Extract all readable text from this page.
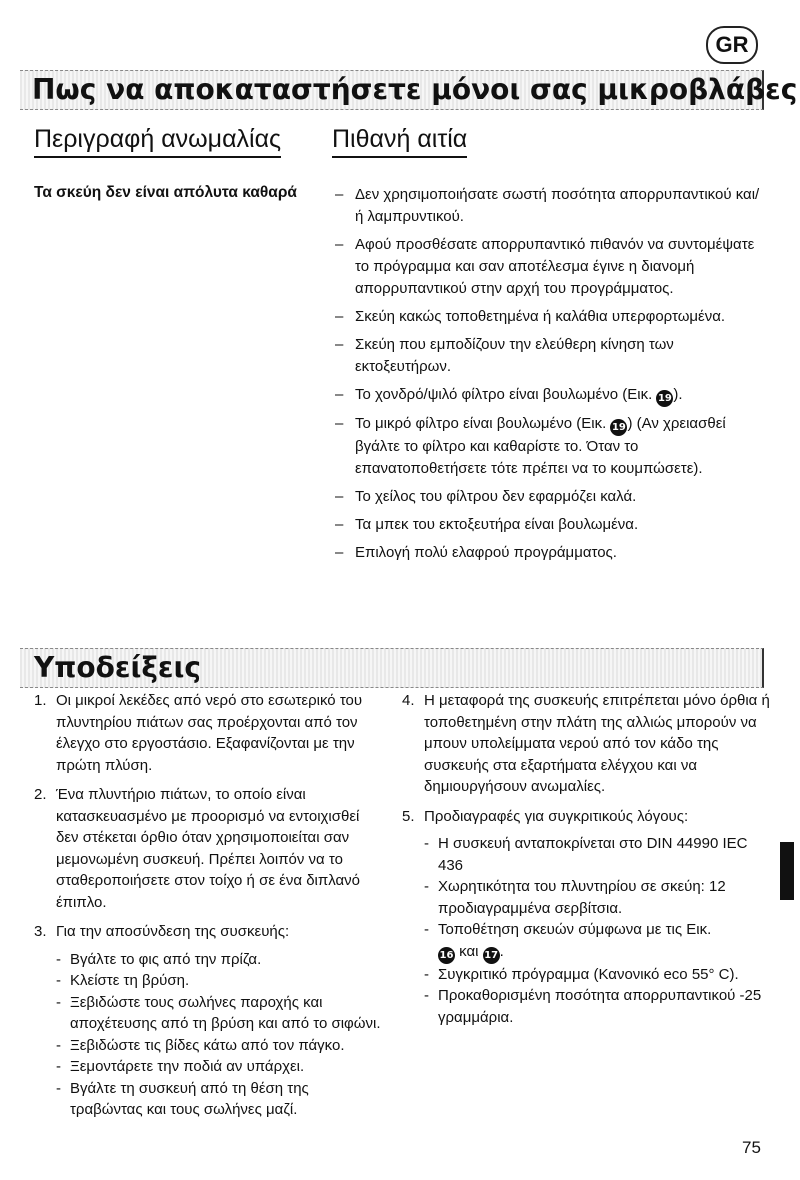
GR
Πως να αποκαταστήσετε μόνοι σας μικροβλάβες
Περιγραφή ανωμαλίας Πιθανή αιτία
Τα σκεύη δεν είναι απόλυτα καθαρά	– Δεν χρησιμοποιήσατε σωστή ποσότητα απορρυπαντικού και/ή λαμπρυντικού.
– Αφού προσθέσατε απορρυπαντικό πιθανόν να συντομέψατε το πρόγραμμα και σαν αποτέλεσμα έγινε η διανομή απορρυπαντικού στην αρχή του προγράμματος.
– Σκεύη κακώς τοποθετημένα ή καλάθια υπερφορτωμένα.
– Σκεύη που εμποδίζουν την ελεύθερη κίνηση των εκτοξευτήρων.
– Το χονδρό/ψιλό φίλτρο είναι βουλωμένο (Εικ. 19 ).
– Το μικρό φίλτρο είναι βουλωμένο (Εικ. 19 ) (Αν χρειασθεί βγάλτε το φίλτρο και καθαρίστε το. Όταν το επανατοποθετήσετε τότε πρέπει να το κουμπώσετε).
– Το χείλος του φίλτρου δεν εφαρμόζει καλά.
– Τα μπεκ του εκτοξευτήρα είναι βουλωμένα.
– Επιλογή πολύ ελαφρού προγράμματος.
Υποδείξεις
1. Οι μικροί λεκέδες από νερό στο εσωτερικό του πλυντηρίου πιάτων σας προέρχονται από τον έλεγχο στο εργοστάσιο. Εξαφανίζονται με την πρώτη πλύση.
2. Ένα πλυντήριο πιάτων, το οποίο είναι κατασκευασμένο με προορισμό να εντοιχισθεί δεν στέκεται όρθιο όταν χρησιμοποιείται σαν μεμονωμένη συσκευή. Πρέπει λοιπόν να το σταθεροποιήσετε στον τοίχο ή σε ένα διπλανό έπιπλο.
3. Για την αποσύνδεση της συσκευής:
- Βγάλτε το φις από την πρίζα.
- Κλείστε τη βρύση.
- Ξεβιδώστε τους σωλήνες παροχής και αποχέτευσης από τη βρύση και από το σιφώνι.
- Ξεβιδώστε τις βίδες κάτω από τον πάγκο.
- Ξεμοντάρετε την ποδιά αν υπάρχει.
- Βγάλτε τη συσκευή από τη θέση της τραβώντας και τους σωλήνες μαζί.
4. Η μεταφορά της συσκευής επιτρέπεται μόνο όρθια ή τοποθετημένη στην πλάτη της αλλιώς μπορούν να μπουν υπολείμματα νερού από τον κάδο της συσκευής στα εξαρτήματα ελέγχου και να δημιουργήσουν ανωμαλίες.
5. Προδιαγραφές για συγκριτικούς λόγους:
- Η συσκευή ανταποκρίνεται στο DIN 44990 IEC 436
- Χωρητικότητα του πλυντηρίου σε σκεύη: 12 προδιαγραμμένα σερβίτσια.
- Τοποθέτηση σκευών σύμφωνα με τις Εικ.
16 και 17 .
- Συγκριτικό πρόγραμμα (Κανονικό eco 55° C).
- Προκαθορισμένη ποσότητα απορρυπαντικού -25 γραμμάρια.
75
